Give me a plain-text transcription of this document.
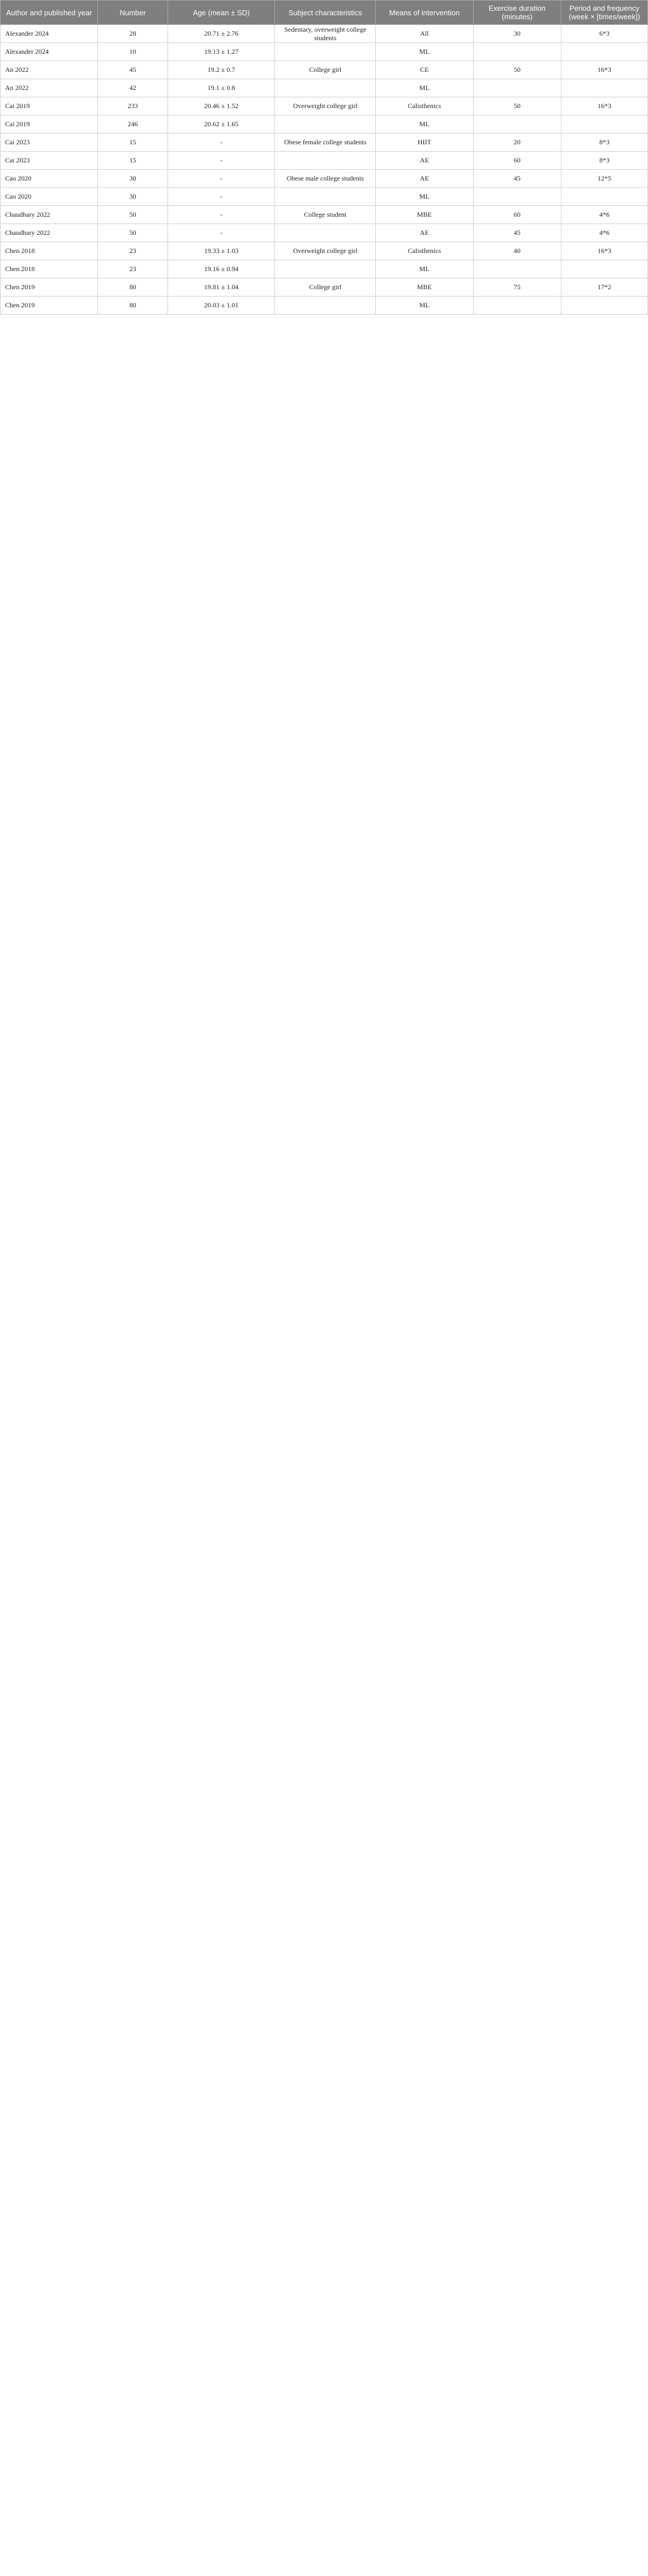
Author and published year	Number	Age (mean ± SD)	Subject characteristics	Means of intervention	Exercise duration (minutes)	Period and frequency (week × [times/week])
Alexander 2024	28	20.71 ± 2.76	Sedentary, overweight college students	All	30	6*3
Alexander 2024	10	19.13 ± 1.27		ML		
An 2022	45	19.2 ± 0.7	College girl	CE	50	16*3
An 2022	42	19.1 ± 0.8		ML		
Cai 2019	233	20.46 ± 1.52	Overweight college girl	Calisthenics	50	16*3
Cai 2019	246	20.62 ± 1.65		ML		
Cai 2023	15	-	Obese female college students	HIIT	20	8*3
Cai 2023	15	-		AE	60	8*3
Cao 2020	30	-	Obese male college students	AE	45	12*5
Cao 2020	30	-		ML		
Chaudhary 2022	50	-	College student	MBE	60	4*6
Chaudhary 2022	50	-		AE	45	4*6
Chen 2018	23	19.33 ± 1.03	Overweight college girl	Calisthenics	40	16*3
Chen 2018	23	19.16 ± 0.94		ML		
Chen 2019	80	19.81 ± 1.04	College girl	MBE	75	17*2
Chen 2019	80	20.03 ± 1.01		ML		
